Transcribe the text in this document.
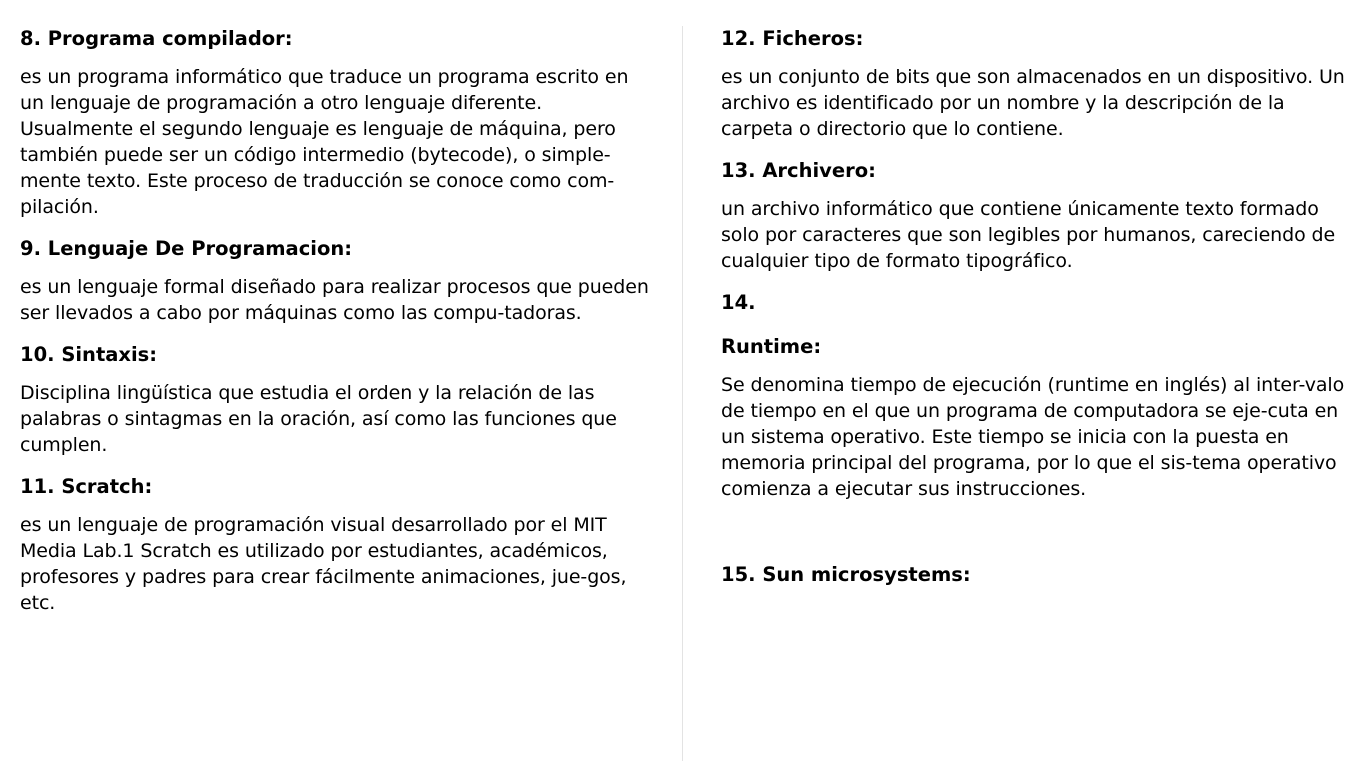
8. Programa compilador:

es un programa informático que traduce un programa escrito en un lenguaje de programación a otro lenguaje diferente. Usualmente el segundo lenguaje es lenguaje de máquina, pero también puede ser un código intermedio (bytecode), o simple-mente texto. Este proceso de traducción se conoce como com-pilación.

9. Lenguaje De Programacion:

es un lenguaje formal diseñado para realizar procesos que pueden ser llevados a cabo por máquinas como las compu-tadoras.

10. Sintaxis:

Disciplina lingüística que estudia el orden y la relación de las palabras o sintagmas en la oración, así como las funciones que cumplen.

11. Scratch:

es un lenguaje de programación visual desarrollado por el MIT Media Lab.1 Scratch es utilizado por estudiantes, académicos, profesores y padres para crear fácilmente animaciones, jue-gos, etc.

12. Ficheros:

es un conjunto de bits que son almacenados en un dispositivo. Un archivo es identificado por un nombre y la descripción de la carpeta o directorio que lo contiene.

13. Archivero:

un archivo informático que contiene únicamente texto formado solo por caracteres que son legibles por humanos, careciendo de cualquier tipo de formato tipográfico.

14.
Runtime:

Se denomina tiempo de ejecución (runtime en inglés) al inter-valo de tiempo en el que un programa de computadora se eje-cuta en un sistema operativo. Este tiempo se inicia con la puesta en memoria principal del programa, por lo que el sis-tema operativo comienza a ejecutar sus instrucciones.

15. Sun microsystems:
